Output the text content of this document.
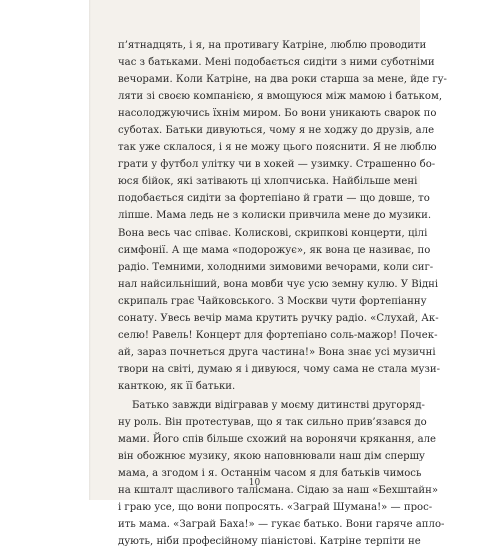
п’ятнадцять, і я, на противагу Катріне, люблю проводити
час з батьками. Мені подобається сидіти з ними суботніми
вечорами. Коли Катріне, на два роки старша за мене, йде гу-
ляти зі своєю компанією, я вмощуюся між мамою і батьком,
насолоджуючись їхнім миром. Бо вони уникають сварок по
суботах. Батьки дивуються, чому я не ходжу до друзів, але
так уже склалося, і я не можу цього пояснити. Я не люблю
грати у футбол улітку чи в хокей — узимку. Страшенно бо-
юся бійок, які затівають ці хлопчиська. Найбільше мені
подобається сидіти за фортепіано й грати — що довше, то
ліпше. Мама ледь не з колиски привчила мене до музики.
Вона весь час співає. Колискові, скрипкові концерти, цілі
симфонії. А ще мама «подорожує», як вона це називає, по
радіо. Темними, холодними зимовими вечорами, коли сиг-
нал найсильніший, вона мовби чує усю земну кулю. У Відні
скрипаль грає Чайковського. З Москви чути фортепіанну
сонату. Увесь вечір мама крутить ручку радіо. «Слухай, Ак-
селю! Равель! Концерт для фортепіано соль-мажор! Почек-
ай, зараз почнеться друга частина!» Вона знає усі музичні
твори на світі, думаю я і дивуюся, чому сама не стала музи-
канткою, як її батьки.
Батько завжди відігравав у моєму дитинстві другоряд-
ну роль. Він протестував, що я так сильно прив’язався до
мами. Його спів більше схожий на воронячи крякання, але
він обожнює музику, якою наповнювали наш дім спершу
мама, а згодом і я. Останнім часом я для батьків чимось
на кшталт щасливого талісмана. Сідаю за наш «Бехштайн»
і граю усе, що вони попросять. «Заграй Шумана!» — прос-
ить мама. «Заграй Баха!» — гукає батько. Вони гаряче апло-
дують, ніби професійному піаністові. Катріне терпіти не
10
